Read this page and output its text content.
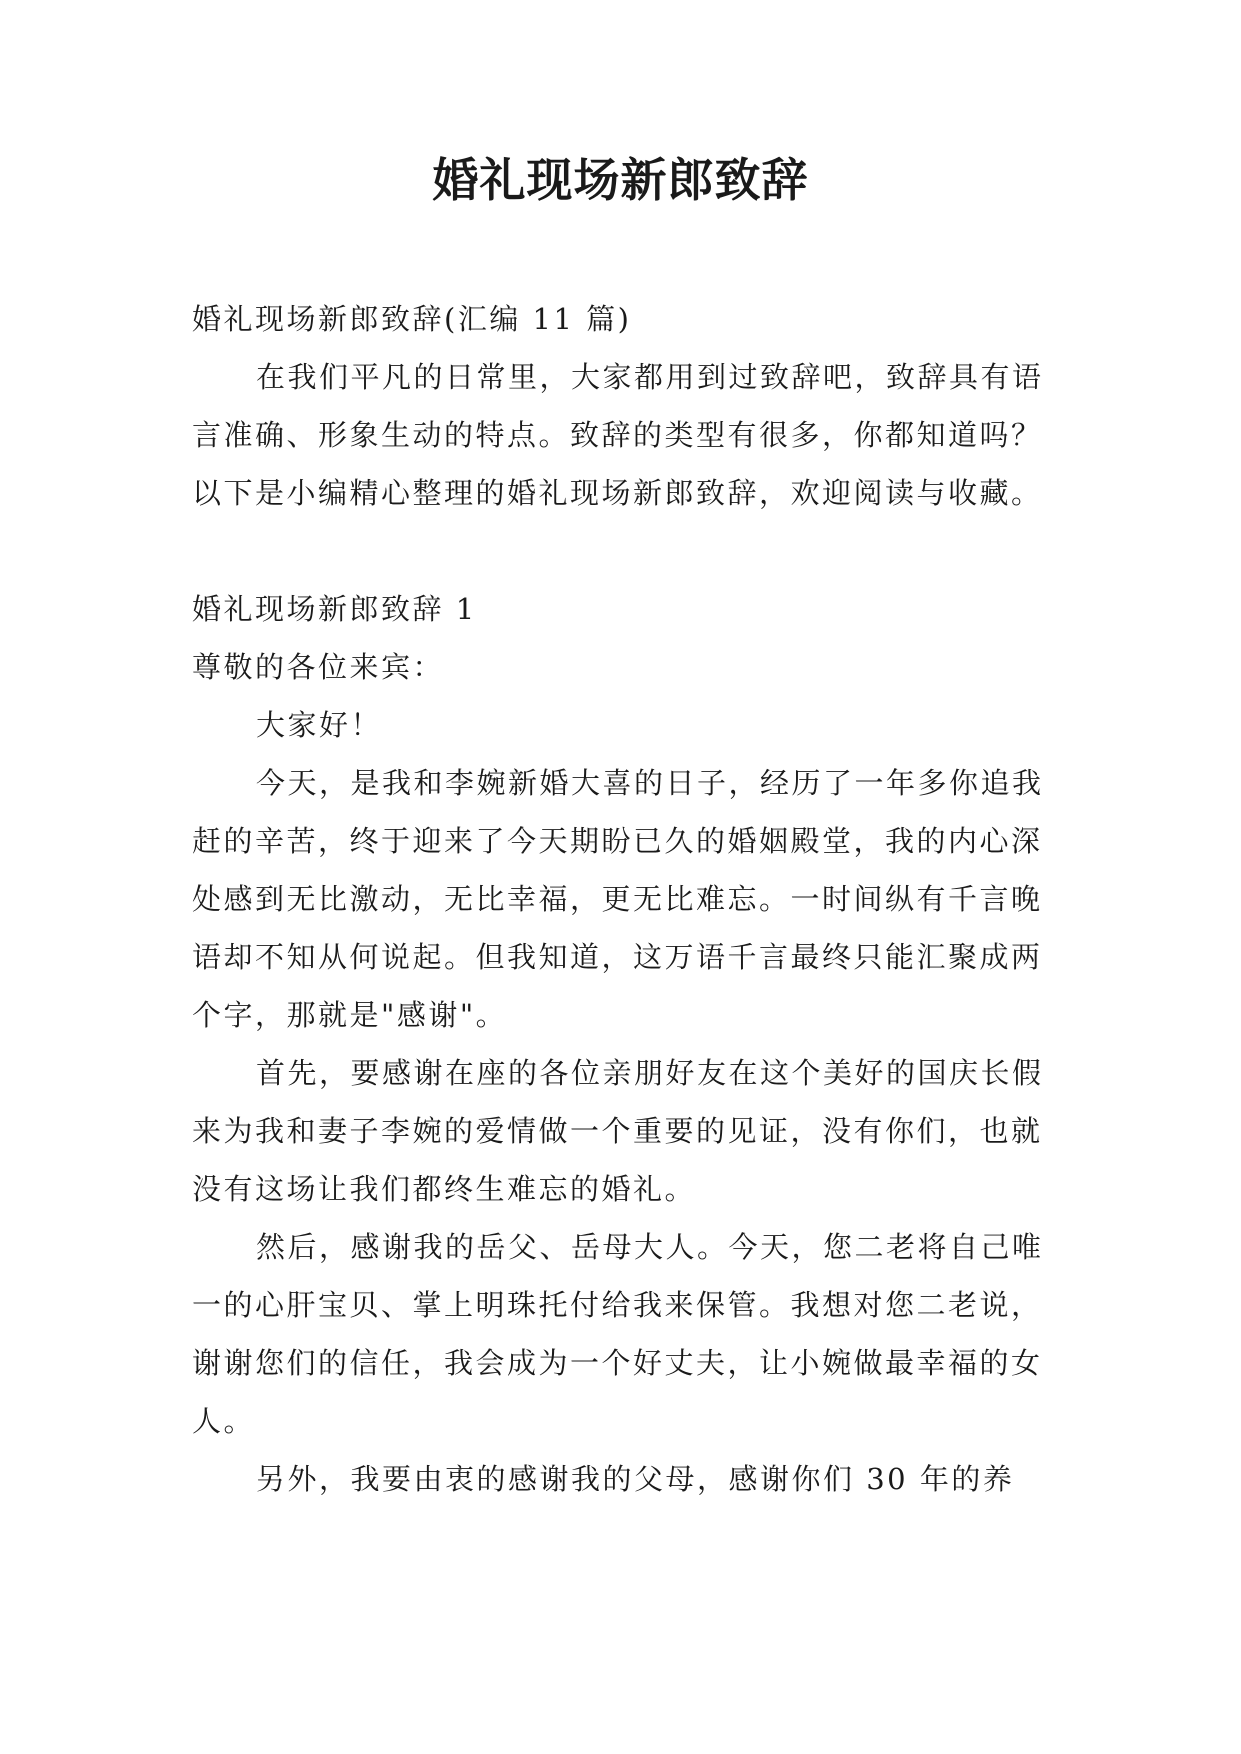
婚礼现场新郎致辞

婚礼现场新郎致辞(汇编 11 篇)

在我们平凡的日常里，大家都用到过致辞吧，致辞具有语言准确、形象生动的特点。致辞的类型有很多，你都知道吗？以下是小编精心整理的婚礼现场新郎致辞，欢迎阅读与收藏。

婚礼现场新郎致辞 1

尊敬的各位来宾：

大家好！

今天，是我和李婉新婚大喜的日子，经历了一年多你追我赶的辛苦，终于迎来了今天期盼已久的婚姻殿堂，我的内心深处感到无比激动，无比幸福，更无比难忘。一时间纵有千言晚语却不知从何说起。但我知道，这万语千言最终只能汇聚成两个字，那就是"感谢"。

首先，要感谢在座的各位亲朋好友在这个美好的国庆长假来为我和妻子李婉的爱情做一个重要的见证，没有你们，也就没有这场让我们都终生难忘的婚礼。

然后，感谢我的岳父、岳母大人。今天，您二老将自己唯一的心肝宝贝、掌上明珠托付给我来保管。我想对您二老说，谢谢您们的信任，我会成为一个好丈夫，让小婉做最幸福的女人。

另外，我要由衷的感谢我的父母，感谢你们 30 年的养
